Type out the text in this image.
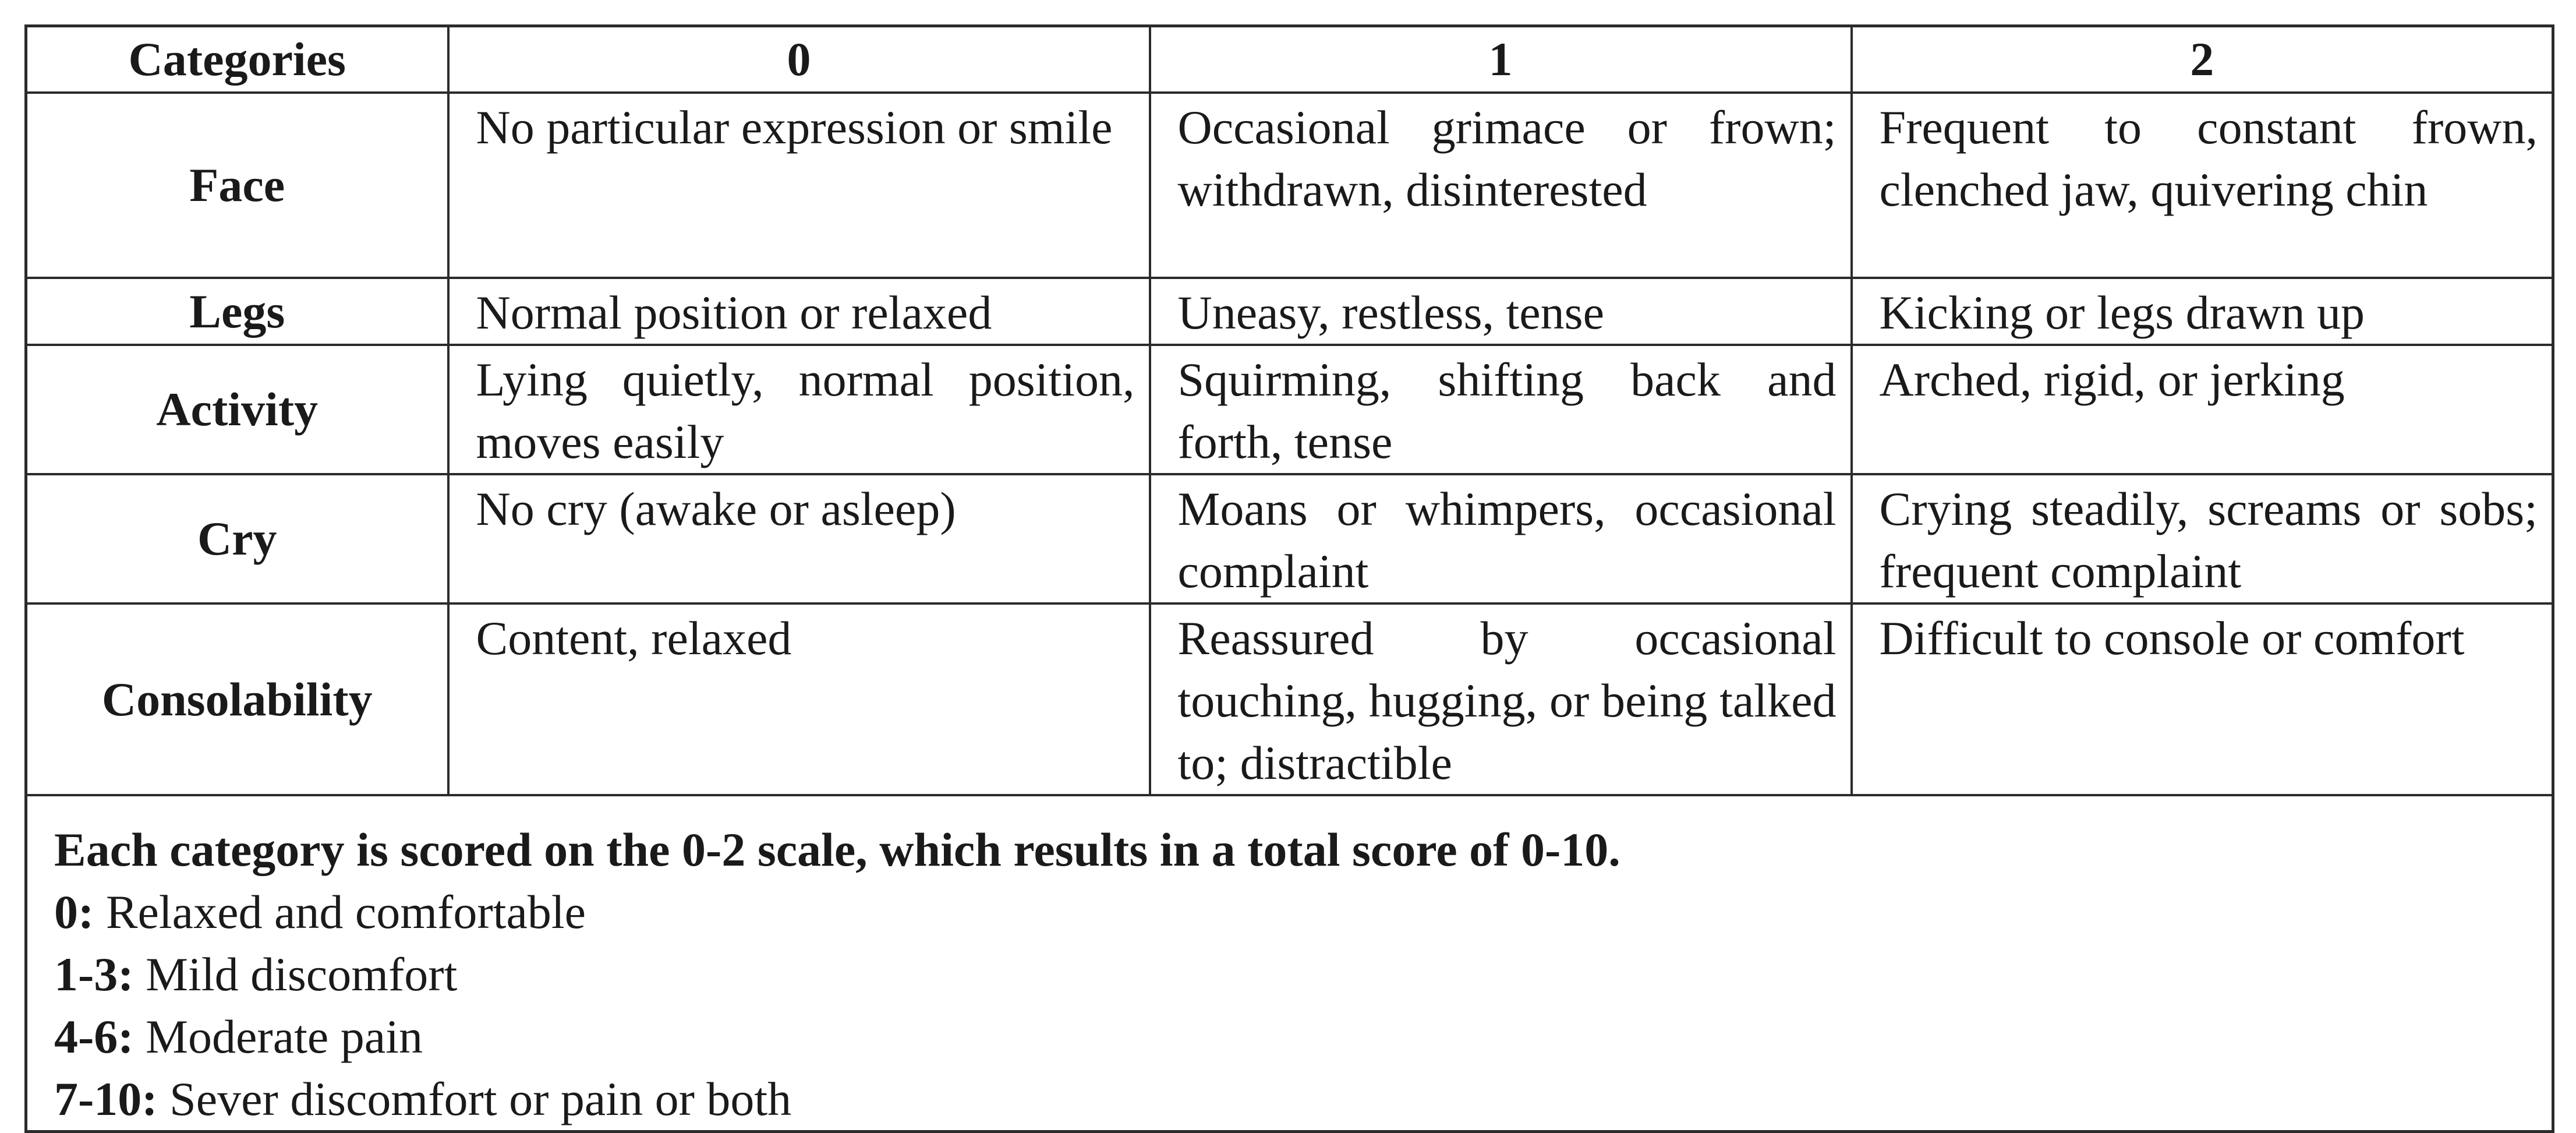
Categories	0	1	2
Face	No particular expression or smile	Occasional grimace or frown; withdrawn, disinterested	Frequent to constant frown, clenched jaw, quivering chin
Legs	Normal position or relaxed	Uneasy, restless, tense	Kicking or legs drawn up
Activity	Lying quietly, normal position, moves easily	Squirming, shifting back and forth, tense	Arched, rigid, or jerking
Cry	No cry (awake or asleep)	Moans or whimpers, occasional complaint	Crying steadily, screams or sobs; frequent complaint
Consolability	Content, relaxed	Reassured by occasional touching, hugging, or being talked to; distractible	Difficult to console or comfort

Each category is scored on the 0-2 scale, which results in a total score of 0-10.
0: Relaxed and comfortable
1-3: Mild discomfort
4-6: Moderate pain
7-10: Sever discomfort or pain or both			
